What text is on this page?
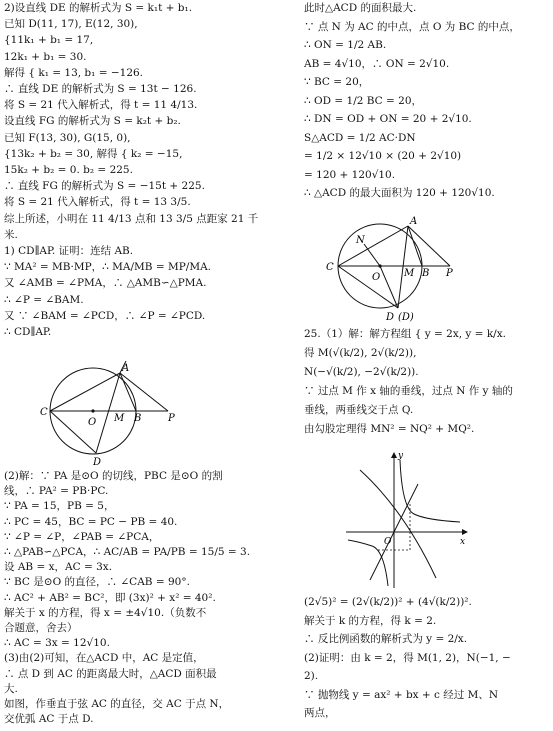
2)设直线 DE 的解析式为 S = k₁t + b₁.
已知 D(11, 17), E(12, 30),
{11k₁ + b₁ = 17,
12k₁ + b₁ = 30.
解得 { k₁ = 13, b₁ = −126.
∴ 直线 DE 的解析式为 S = 13t − 126.
将 S = 21 代入解析式，得 t = 11 4/13.
设直线 FG 的解析式为 S = k₂t + b₂.
已知 F(13, 30), G(15, 0),
{13k₂ + b₂ = 30, 解得 { k₂ = −15,
15k₂ + b₂ = 0. b₂ = 225.
∴ 直线 FG 的解析式为 S = −15t + 225.
将 S = 21 代入解析式，得 t = 13 3/5.
综上所述，小明在 11 4/13 点和 13 3/5 点距家 21 千
米.
1) CD∥AP. 证明：连结 AB.
∵ MA² = MB·MP，∴ MA/MB = MP/MA.
又 ∠AMB = ∠PMA，∴ △AMB∽△PMA.
∴ ∠P = ∠BAM.
又 ∵ ∠BAM = ∠PCD，∴ ∠P = ∠PCD.
∴ CD∥AP.
(2)解：∵ PA 是⊙O 的切线，PBC 是⊙O 的割
线，∴ PA² = PB·PC.
∵ PA = 15，PB = 5，
∴ PC = 45，BC = PC − PB = 40.
∵ ∠P = ∠P，∠PAB = ∠PCA，
∴ △PAB∽△PCA，∴ AC/AB = PA/PB = 15/5 = 3.
设 AB = x，AC = 3x.
∵ BC 是⊙O 的直径，∴ ∠CAB = 90°.
∴ AC² + AB² = BC²，即 (3x)² + x² = 40².
解关于 x 的方程，得 x = ±4√10.（负数不
合题意，舍去）
∴ AC = 3x = 12√10.
(3)由(2)可知，在△ACD 中，AC 是定值，
∴ 点 D 到 AC 的距离最大时，△ACD 面积最
大.
如图，作垂直于弦 AC 的直径，交 AC 于点 N，
交优弧 AC 于点 D.
A
C
O M B	P
D
此时△ACD 的面积最大.
∵ 点 N 为 AC 的中点，点 O 为 BC 的中点，
∴ ON = 1/2 AB.
AB = 4√10，∴ ON = 2√10.
∵ BC = 20，
∴ OD = 1/2 BC = 20，
∴ DN = OD + ON = 20 + 2√10.
S△ACD = 1/2 AC·DN
= 1/2 × 12√10 × (20 + 2√10)
= 120 + 120√10.
∴ △ACD 的最大面积为 120 + 120√10.
25.（1）解：解方程组 { y = 2x, y = k/x.
得 M(√(k/2), 2√(k/2)),
N(−√(k/2), −2√(k/2)).
∵ 过点 M 作 x 轴的垂线，过点 N 作 y 轴的
垂线，两垂线交于点 Q.
由勾股定理得 MN² = NQ² + MQ².
(2√5)² = (2√(k/2))² + (4√(k/2))².
解关于 k 的方程，得 k = 2.
∴ 反比例函数的解析式为 y = 2/x.
(2)证明：由 k = 2，得 M(1, 2)，N(−1, −
2).
∵ 抛物线 y = ax² + bx + c 经过 M、N
两点，
A
N
C
O M B P
D (D)
y
x
O
